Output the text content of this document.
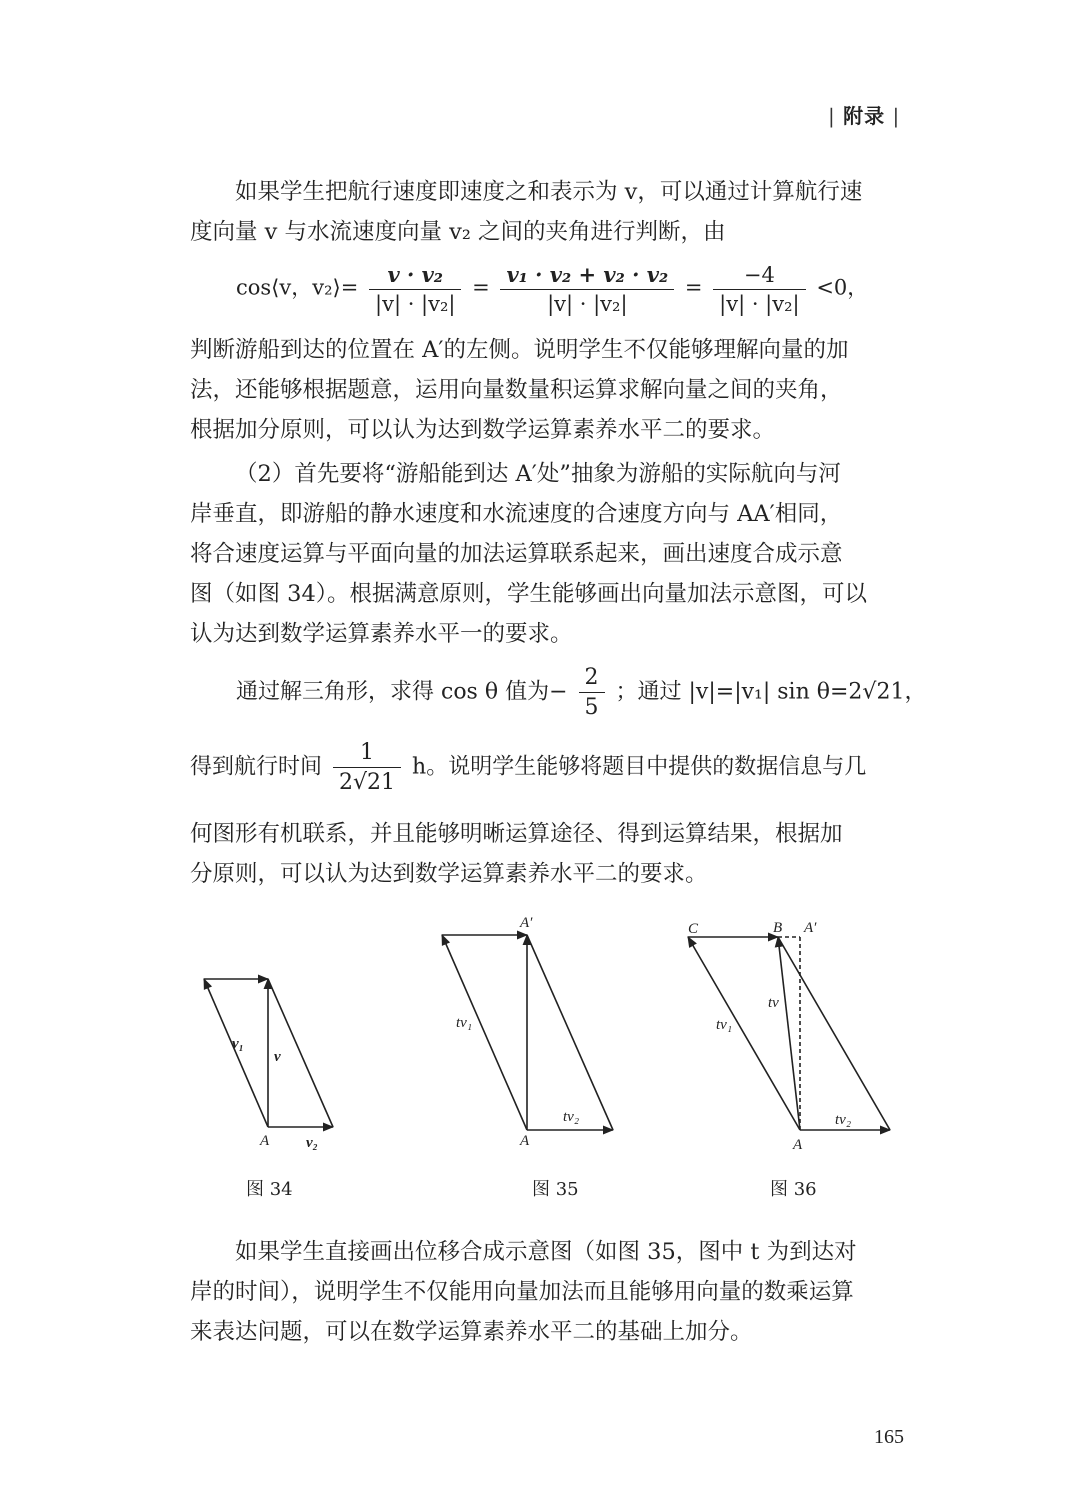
| 附录 |
如果学生把航行速度即速度之和表示为 v，可以通过计算航行速
度向量 v 与水流速度向量 v₂ 之间的夹角进行判断，由
cos⟨v，v₂⟩= $\frac{\text{v · v₂}}{\text{|v| · |v₂|}} = \frac{\text{v₁ · v₂ + v₂ · v₂}}{\text{|v| · |v₂|}} = \frac{-4}{\text{|v| · |v₂|}} <0$，
判断游船到达的位置在 A′的左侧。说明学生不仅能够理解向量的加
法，还能够根据题意，运用向量数量积运算求解向量之间的夹角，
根据加分原则，可以认为达到数学运算素养水平二的要求。
（2）首先要将“游船能到达 A′处”抽象为游船的实际航向与河
岸垂直，即游船的静水速度和水流速度的合速度方向与 AA′相同，
将合速度运算与平面向量的加法运算联系起来，画出速度合成示意
图（如图 34）。根据满意原则，学生能够画出向量加法示意图，可以
认为达到数学运算素养水平一的要求。
通过解三角形，求得 cos θ 值为− $\frac{2}{5}$ ；通过 |v|=|v₁| sin θ=2√21，
得到航行时间 $\frac{1}{2√21}$ h。说明学生能够将题目中提供的数据信息与几
何图形有机联系，并且能够明晰运算途径、得到运算结果，根据加
分原则，可以认为达到数学运算素养水平二的要求。
A
v₁
v
v₂	A
A′
tv₁
tv₂
A
C	B A′
tv
tv₁
tv₂
图 34	图 35	图 36
如果学生直接画出位移合成示意图（如图 35，图中 t 为到达对
岸的时间），说明学生不仅能用向量加法而且能够用向量的数乘运算
来表达问题，可以在数学运算素养水平二的基础上加分。
165
